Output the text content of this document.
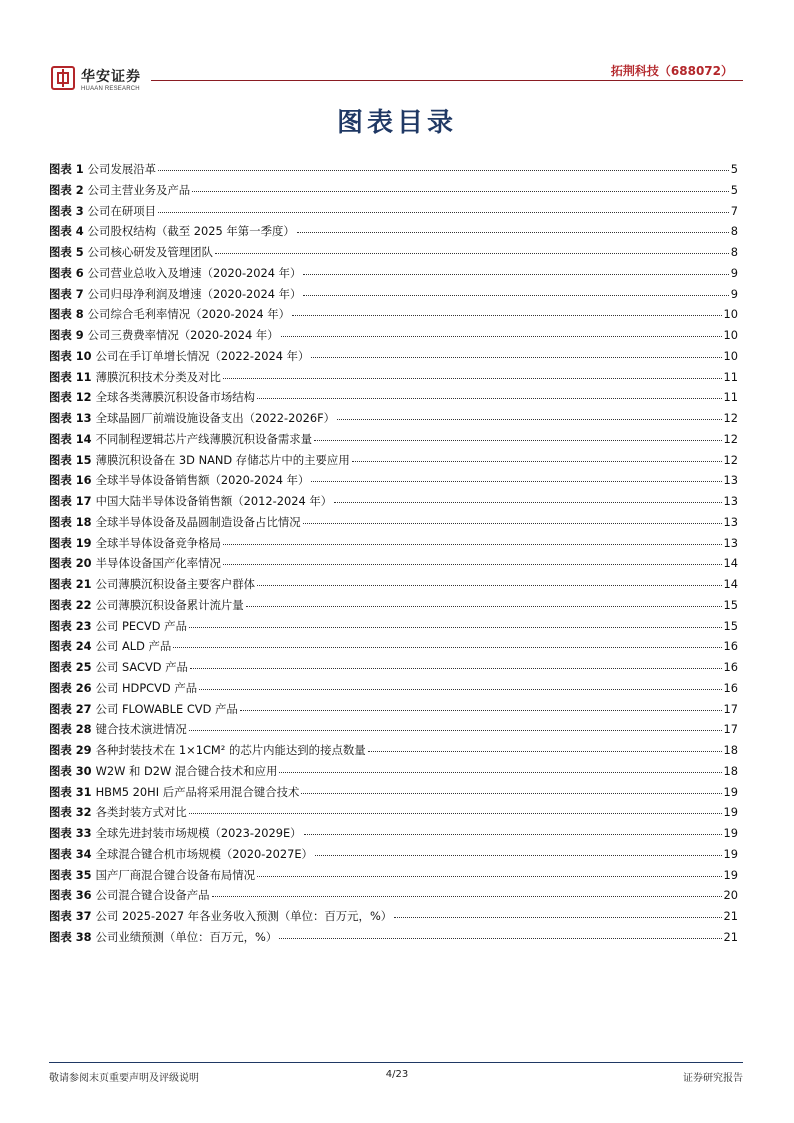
华安证券
HUAAN RESEARCH
拓荆科技（688072）
图表目录
图表 1 公司发展沿革	5
图表 2 公司主营业务及产品	5
图表 3 公司在研项目	7
图表 4 公司股权结构（截至 2025 年第一季度）	8
图表 5 公司核心研发及管理团队	8
图表 6 公司营业总收入及增速（2020-2024 年）	9
图表 7 公司归母净利润及增速（2020-2024 年）	9
图表 8 公司综合毛利率情况（2020-2024 年）	10
图表 9 公司三费费率情况（2020-2024 年）	10
图表 10 公司在手订单增长情况（2022-2024 年）	10
图表 11 薄膜沉积技术分类及对比	11
图表 12 全球各类薄膜沉积设备市场结构	11
图表 13 全球晶圆厂前端设施设备支出（2022-2026F）	12
图表 14 不同制程逻辑芯片产线薄膜沉积设备需求量	12
图表 15 薄膜沉积设备在 3D NAND 存储芯片中的主要应用	12
图表 16 全球半导体设备销售额（2020-2024 年）	13
图表 17 中国大陆半导体设备销售额（2012-2024 年）	13
图表 18 全球半导体设备及晶圆制造设备占比情况	13
图表 19 全球半导体设备竞争格局	13
图表 20 半导体设备国产化率情况	14
图表 21 公司薄膜沉积设备主要客户群体	14
图表 22 公司薄膜沉积设备累计流片量	15
图表 23 公司 PECVD 产品	15
图表 24 公司 ALD 产品	16
图表 25 公司 SACVD 产品	16
图表 26 公司 HDPCVD 产品	16
图表 27 公司 FLOWABLE CVD 产品	17
图表 28 键合技术演进情况	17
图表 29 各种封装技术在 1×1CM² 的芯片内能达到的接点数量	18
图表 30 W2W 和 D2W 混合键合技术和应用	18
图表 31 HBM5 20HI 后产品将采用混合键合技术	19
图表 32 各类封装方式对比	19
图表 33 全球先进封装市场规模（2023-2029E）	19
图表 34 全球混合键合机市场规模（2020-2027E）	19
图表 35 国产厂商混合键合设备布局情况	19
图表 36 公司混合键合设备产品	20
图表 37 公司 2025-2027 年各业务收入预测（单位：百万元，%）	21
图表 38 公司业绩预测（单位：百万元，%）	21
敬请参阅末页重要声明及评级说明	4/23	证券研究报告
